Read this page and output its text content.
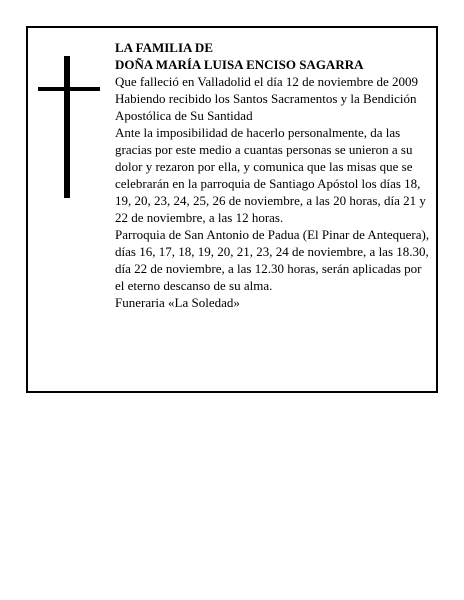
LA FAMILIA DE

DOÑA MARÍA LUISA ENCISO SAGARRA

Que falleció en Valladolid el día 12 de noviembre de 2009

Habiendo recibido los Santos Sacramentos y la Bendición Apostólica de Su Santidad

Ante la imposibilidad de hacerlo personalmente, da las gracias por este medio a cuantas personas se unieron a su dolor y rezaron por ella, y comunica que las misas que se celebrarán en la parroquia de Santiago Apóstol los días 18, 19, 20, 23, 24, 25, 26 de noviembre, a las 20 horas, día 21 y 22 de noviembre, a las 12 horas.

Parroquia de San Antonio de Padua (El Pinar de Antequera), días 16, 17, 18, 19, 20, 21, 23, 24 de noviembre, a las 18.30, día 22 de noviembre, a las 12.30 horas, serán aplicadas por el eterno descanso de su alma.

Funeraria «La Soledad»
